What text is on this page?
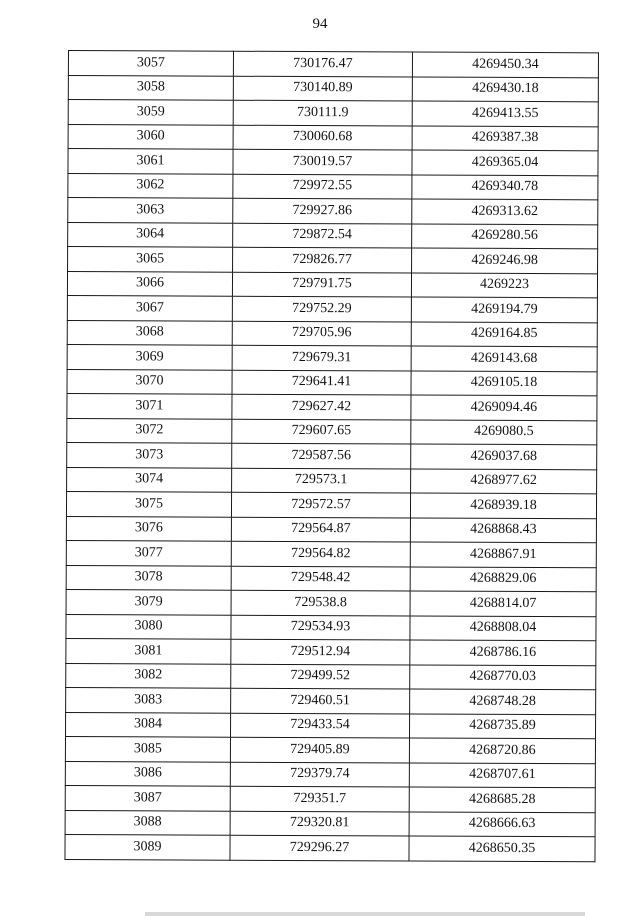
94
3057	730176.47	4269450.34
3058	730140.89	4269430.18
3059	730111.9	4269413.55
3060	730060.68	4269387.38
3061	730019.57	4269365.04
3062	729972.55	4269340.78
3063	729927.86	4269313.62
3064	729872.54	4269280.56
3065	729826.77	4269246.98
3066	729791.75	4269223
3067	729752.29	4269194.79
3068	729705.96	4269164.85
3069	729679.31	4269143.68
3070	729641.41	4269105.18
3071	729627.42	4269094.46
3072	729607.65	4269080.5
3073	729587.56	4269037.68
3074	729573.1	4268977.62
3075	729572.57	4268939.18
3076	729564.87	4268868.43
3077	729564.82	4268867.91
3078	729548.42	4268829.06
3079	729538.8	4268814.07
3080	729534.93	4268808.04
3081	729512.94	4268786.16
3082	729499.52	4268770.03
3083	729460.51	4268748.28
3084	729433.54	4268735.89
3085	729405.89	4268720.86
3086	729379.74	4268707.61
3087	729351.7	4268685.28
3088	729320.81	4268666.63
3089	729296.27	4268650.35
